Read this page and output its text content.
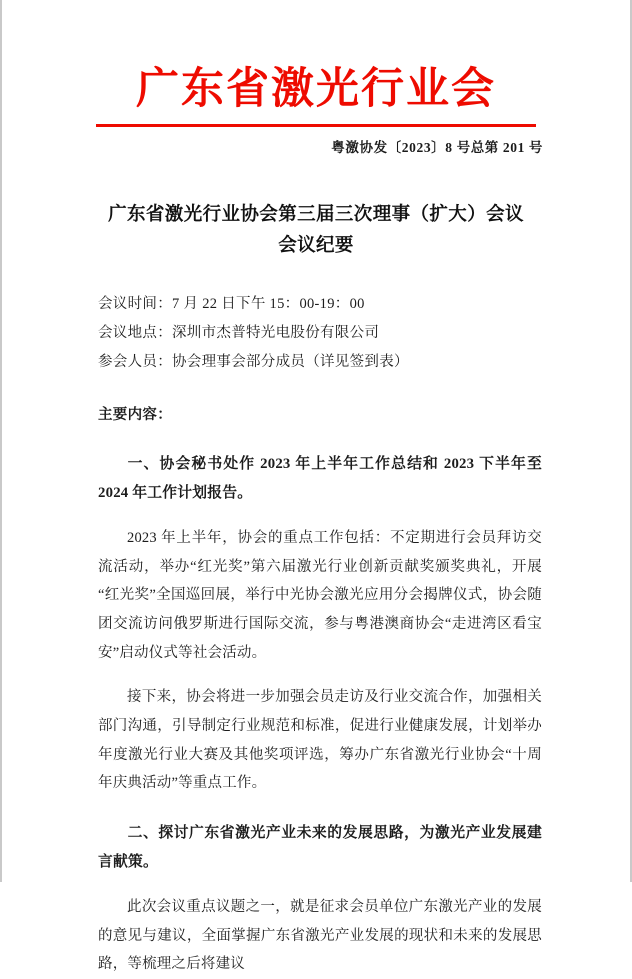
广东省激光行业会
粤激协发〔2023〕8 号总第 201 号
广东省激光行业协会第三届三次理事（扩大）会议
会议纪要
会议时间：7 月 22 日下午 15：00-19：00
会议地点：深圳市杰普特光电股份有限公司
参会人员：协会理事会部分成员（详见签到表）
主要内容：
一、协会秘书处作 2023 年上半年工作总结和 2023 下半年至 2024 年工作计划报告。
2023 年上半年，协会的重点工作包括：不定期进行会员拜访交流活动，举办“红光奖”第六届激光行业创新贡献奖颁奖典礼，开展“红光奖”全国巡回展，举行中光协会激光应用分会揭牌仪式，协会随团交流访问俄罗斯进行国际交流，参与粤港澳商协会“走进湾区看宝安”启动仪式等社会活动。
接下来，协会将进一步加强会员走访及行业交流合作，加强相关部门沟通，引导制定行业规范和标准，促进行业健康发展，计划举办年度激光行业大赛及其他奖项评选，筹办广东省激光行业协会“十周年庆典活动”等重点工作。
二、探讨广东省激光产业未来的发展思路，为激光产业发展建言献策。
此次会议重点议题之一，就是征求会员单位广东激光产业的发展的意见与建议，全面掌握广东省激光产业发展的现状和未来的发展思路，等梳理之后将建议
